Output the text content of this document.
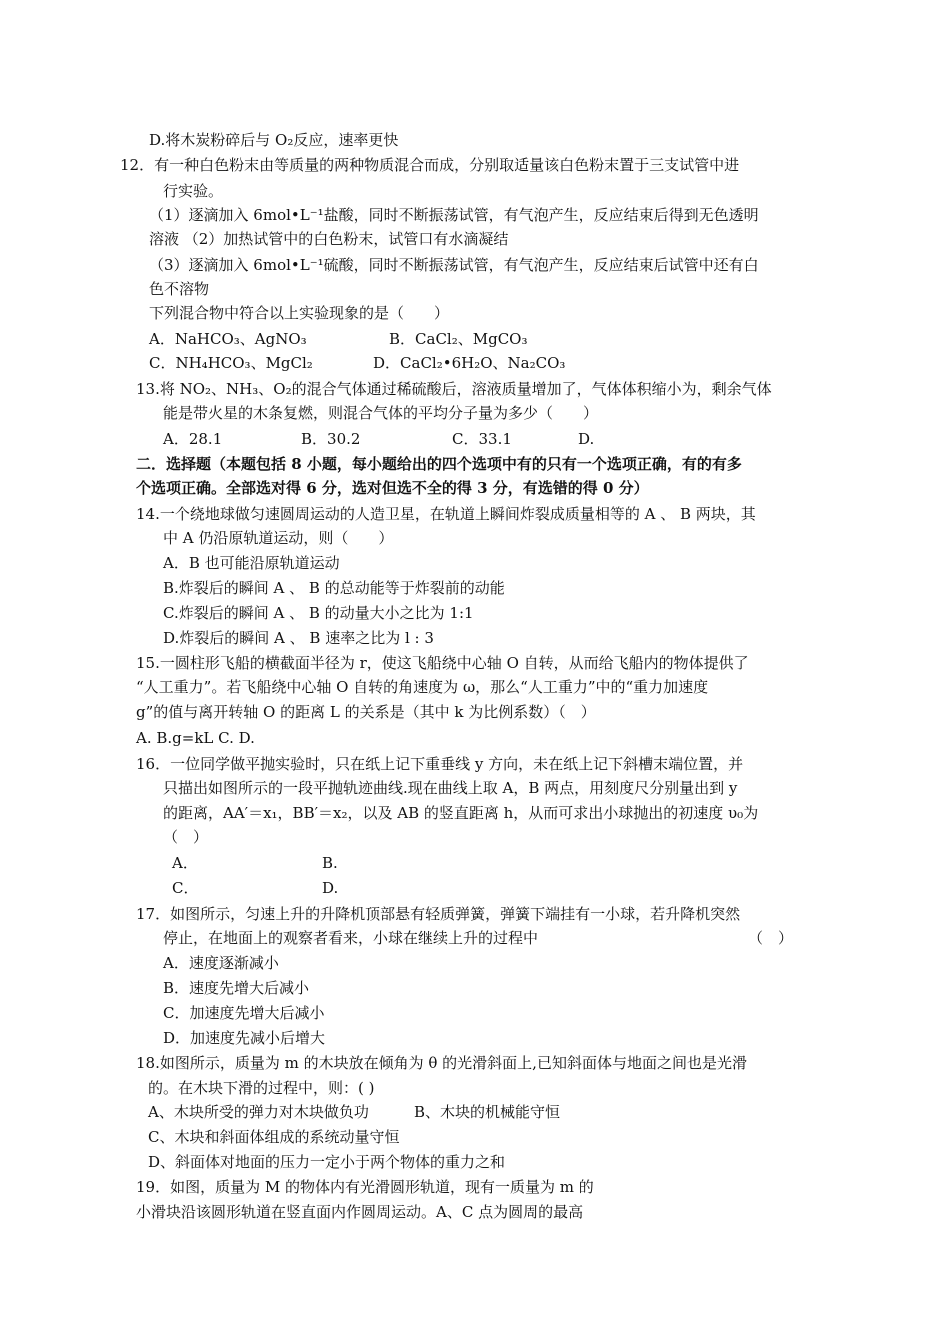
D.将木炭粉碎后与 O₂反应，速率更快
12．有一种白色粉末由等质量的两种物质混合而成，分别取适量该白色粉末置于三支试管中进
行实验。
（1）逐滴加入 6mol•L⁻¹盐酸，同时不断振荡试管，有气泡产生，反应结束后得到无色透明
溶液 （2）加热试管中的白色粉末，试管口有水滴凝结
（3）逐滴加入 6mol•L⁻¹硫酸，同时不断振荡试管，有气泡产生，反应结束后试管中还有白
色不溶物
下列混合物中符合以上实验现象的是（　　）
A．NaHCO₃、AgNO₃	B．CaCl₂、MgCO₃
C．NH₄HCO₃、MgCl₂	D．CaCl₂•6H₂O、Na₂CO₃
13.将 NO₂、NH₃、O₂的混合气体通过稀硫酸后，溶液质量增加了，气体体积缩小为，剩余气体
能是带火星的木条复燃，则混合气体的平均分子量为多少（　　）
A．28.1	B．30.2	C．33.1	D.
二．选择题（本题包括 8 小题，每小题给出的四个选项中有的只有一个选项正确，有的有多
个选项正确。全部选对得 6 分，选对但选不全的得 3 分，有选错的得 0 分）
14.一个绕地球做匀速圆周运动的人造卫星，在轨道上瞬间炸裂成质量相等的 A 、 B 两块，其
中 A 仍沿原轨道运动，则（　　）
A．B 也可能沿原轨道运动
B.炸裂后的瞬间 A 、 B 的总动能等于炸裂前的动能
C.炸裂后的瞬间 A 、 B 的动量大小之比为 1:1
D.炸裂后的瞬间 A 、 B 速率之比为 l : 3
15.一圆柱形飞船的横截面半径为 r，使这飞船绕中心轴 O 自转，从而给飞船内的物体提供了
“人工重力”。若飞船绕中心轴 O 自转的角速度为 ω，那么“人工重力”中的“重力加速度
g”的值与离开转轴 O 的距离 L 的关系是（其中 k 为比例系数）（　）
A. B.g=kL C. D.
16．一位同学做平抛实验时，只在纸上记下重垂线 y 方向，未在纸上记下斜槽末端位置，并
只描出如图所示的一段平抛轨迹曲线.现在曲线上取 A，B 两点，用刻度尺分别量出到 y
的距离，AA′＝x₁，BB′＝x₂，以及 AB 的竖直距离 h，从而可求出小球抛出的初速度 υ₀为
（　）
A．	B.
C．	D.
17．如图所示，匀速上升的升降机顶部悬有轻质弹簧，弹簧下端挂有一小球，若升降机突然
停止，在地面上的观察者看来，小球在继续上升的过程中	（　）
A．速度逐渐减小
B．速度先增大后减小
C．加速度先增大后减小
D．加速度先减小后增大
18.如图所示，质量为 m 的木块放在倾角为 θ 的光滑斜面上,已知斜面体与地面之间也是光滑
的。在木块下滑的过程中，则：( )
A、木块所受的弹力对木块做负功	B、木块的机械能守恒
C、木块和斜面体组成的系统动量守恒
D、斜面体对地面的压力一定小于两个物体的重力之和
19．如图，质量为 M 的物体内有光滑圆形轨道，现有一质量为 m 的
小滑块沿该圆形轨道在竖直面内作圆周运动。A、C 点为圆周的最高
